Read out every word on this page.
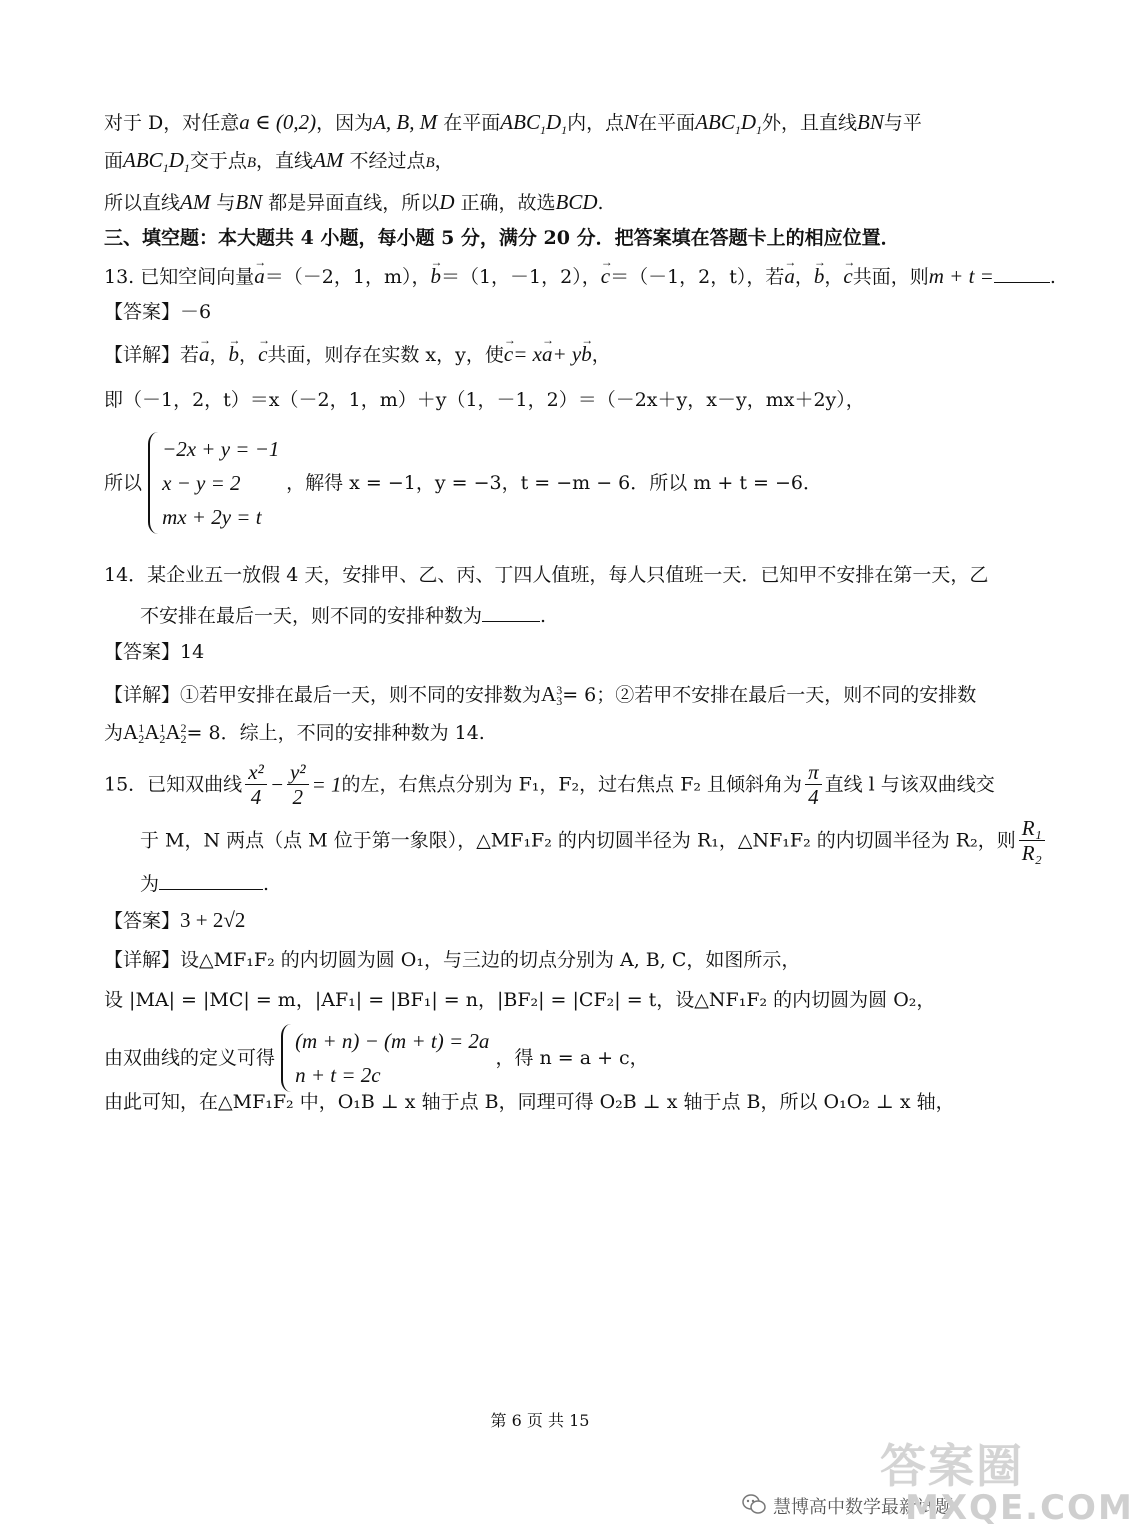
对于 D，对任意a ∈ (0,2)，因为A, B, M 在平面$ABC_1D_1$内，点N在平面$ABC_1D_1$外，且直线BN与平
面$ABC_1D_1$交于点B，直线AM 不经过点B，
所以直线AM 与BN 都是异面直线，所以D 正确，故选BCD.
三、填空题：本大题共 4 小题，每小题 5 分，满分 20 分．把答案填在答题卡上的相应位置．
13. 已知空间向量→ a＝（－2，1，m），→ b＝（1，－1，2），→ c＝（－1，2，t），若→ a，→ b，→ c共面，则m + t =	.
【答案】－6
【详解】若→ a，→ b，→ c共面，则存在实数 x，y，使→ c= x→ a+ y→ b，
即（－1，2，t）＝x（－2，1，m）＋y（1，－1，2）＝（－2x＋y，x－y，mx＋2y），
所以
−2x + y = −1
x − y = 2
mx + 2y = t
，解得 x = −1，y = −3，t = −m − 6．所以 m + t = −6．
14．某企业五一放假 4 天，安排甲、乙、丙、丁四人值班，每人只值班一天．已知甲不安排在第一天，乙
不安排在最后一天，则不同的安排种数为	.
【答案】14
【详解】①若甲安排在最后一天，则不同的安排数为A 3
3 = 6；②若甲不安排在最后一天，则不同的安排数
为A 1
2 A 1
2 A 2
2 = 8．综上，不同的安排种数为 14.
15．已知双曲线 $\frac{\text{x²}}{4} - \frac{\text{y²}}{2} = 1$的左，右焦点分别为 F₁，F₂，过右焦点 F₂ 且倾斜角为 $\frac{\pi}{4}$ 直线 l 与该双曲线交
于 M，N 两点（点 M 位于第一象限），△MF₁F₂ 的内切圆半径为 R₁，△NF₁F₂ 的内切圆半径为 R₂，则 $\frac{\text{R₁}}{\text{R₂}}$
为	.
【答案】3 + 2√2
【详解】设△MF₁F₂ 的内切圆为圆 O₁，与三边的切点分别为 A, B, C，如图所示，
设 |MA| = |MC| = m，|AF₁| = |BF₁| = n，|BF₂| = |CF₂| = t，设△NF₁F₂ 的内切圆为圆 O₂，
由双曲线的定义可得
(m + n) − (m + t) = 2a
n + t = 2c
，得 n = a + c，
由此可知，在△MF₁F₂ 中，O₁B ⊥ x 轴于点 B，同理可得 O₂B ⊥ x 轴于点 B，所以 O₁O₂ ⊥ x 轴，
第 6 页 共 15
慧博高中数学最新试题
答案圈
MXQE.COM
